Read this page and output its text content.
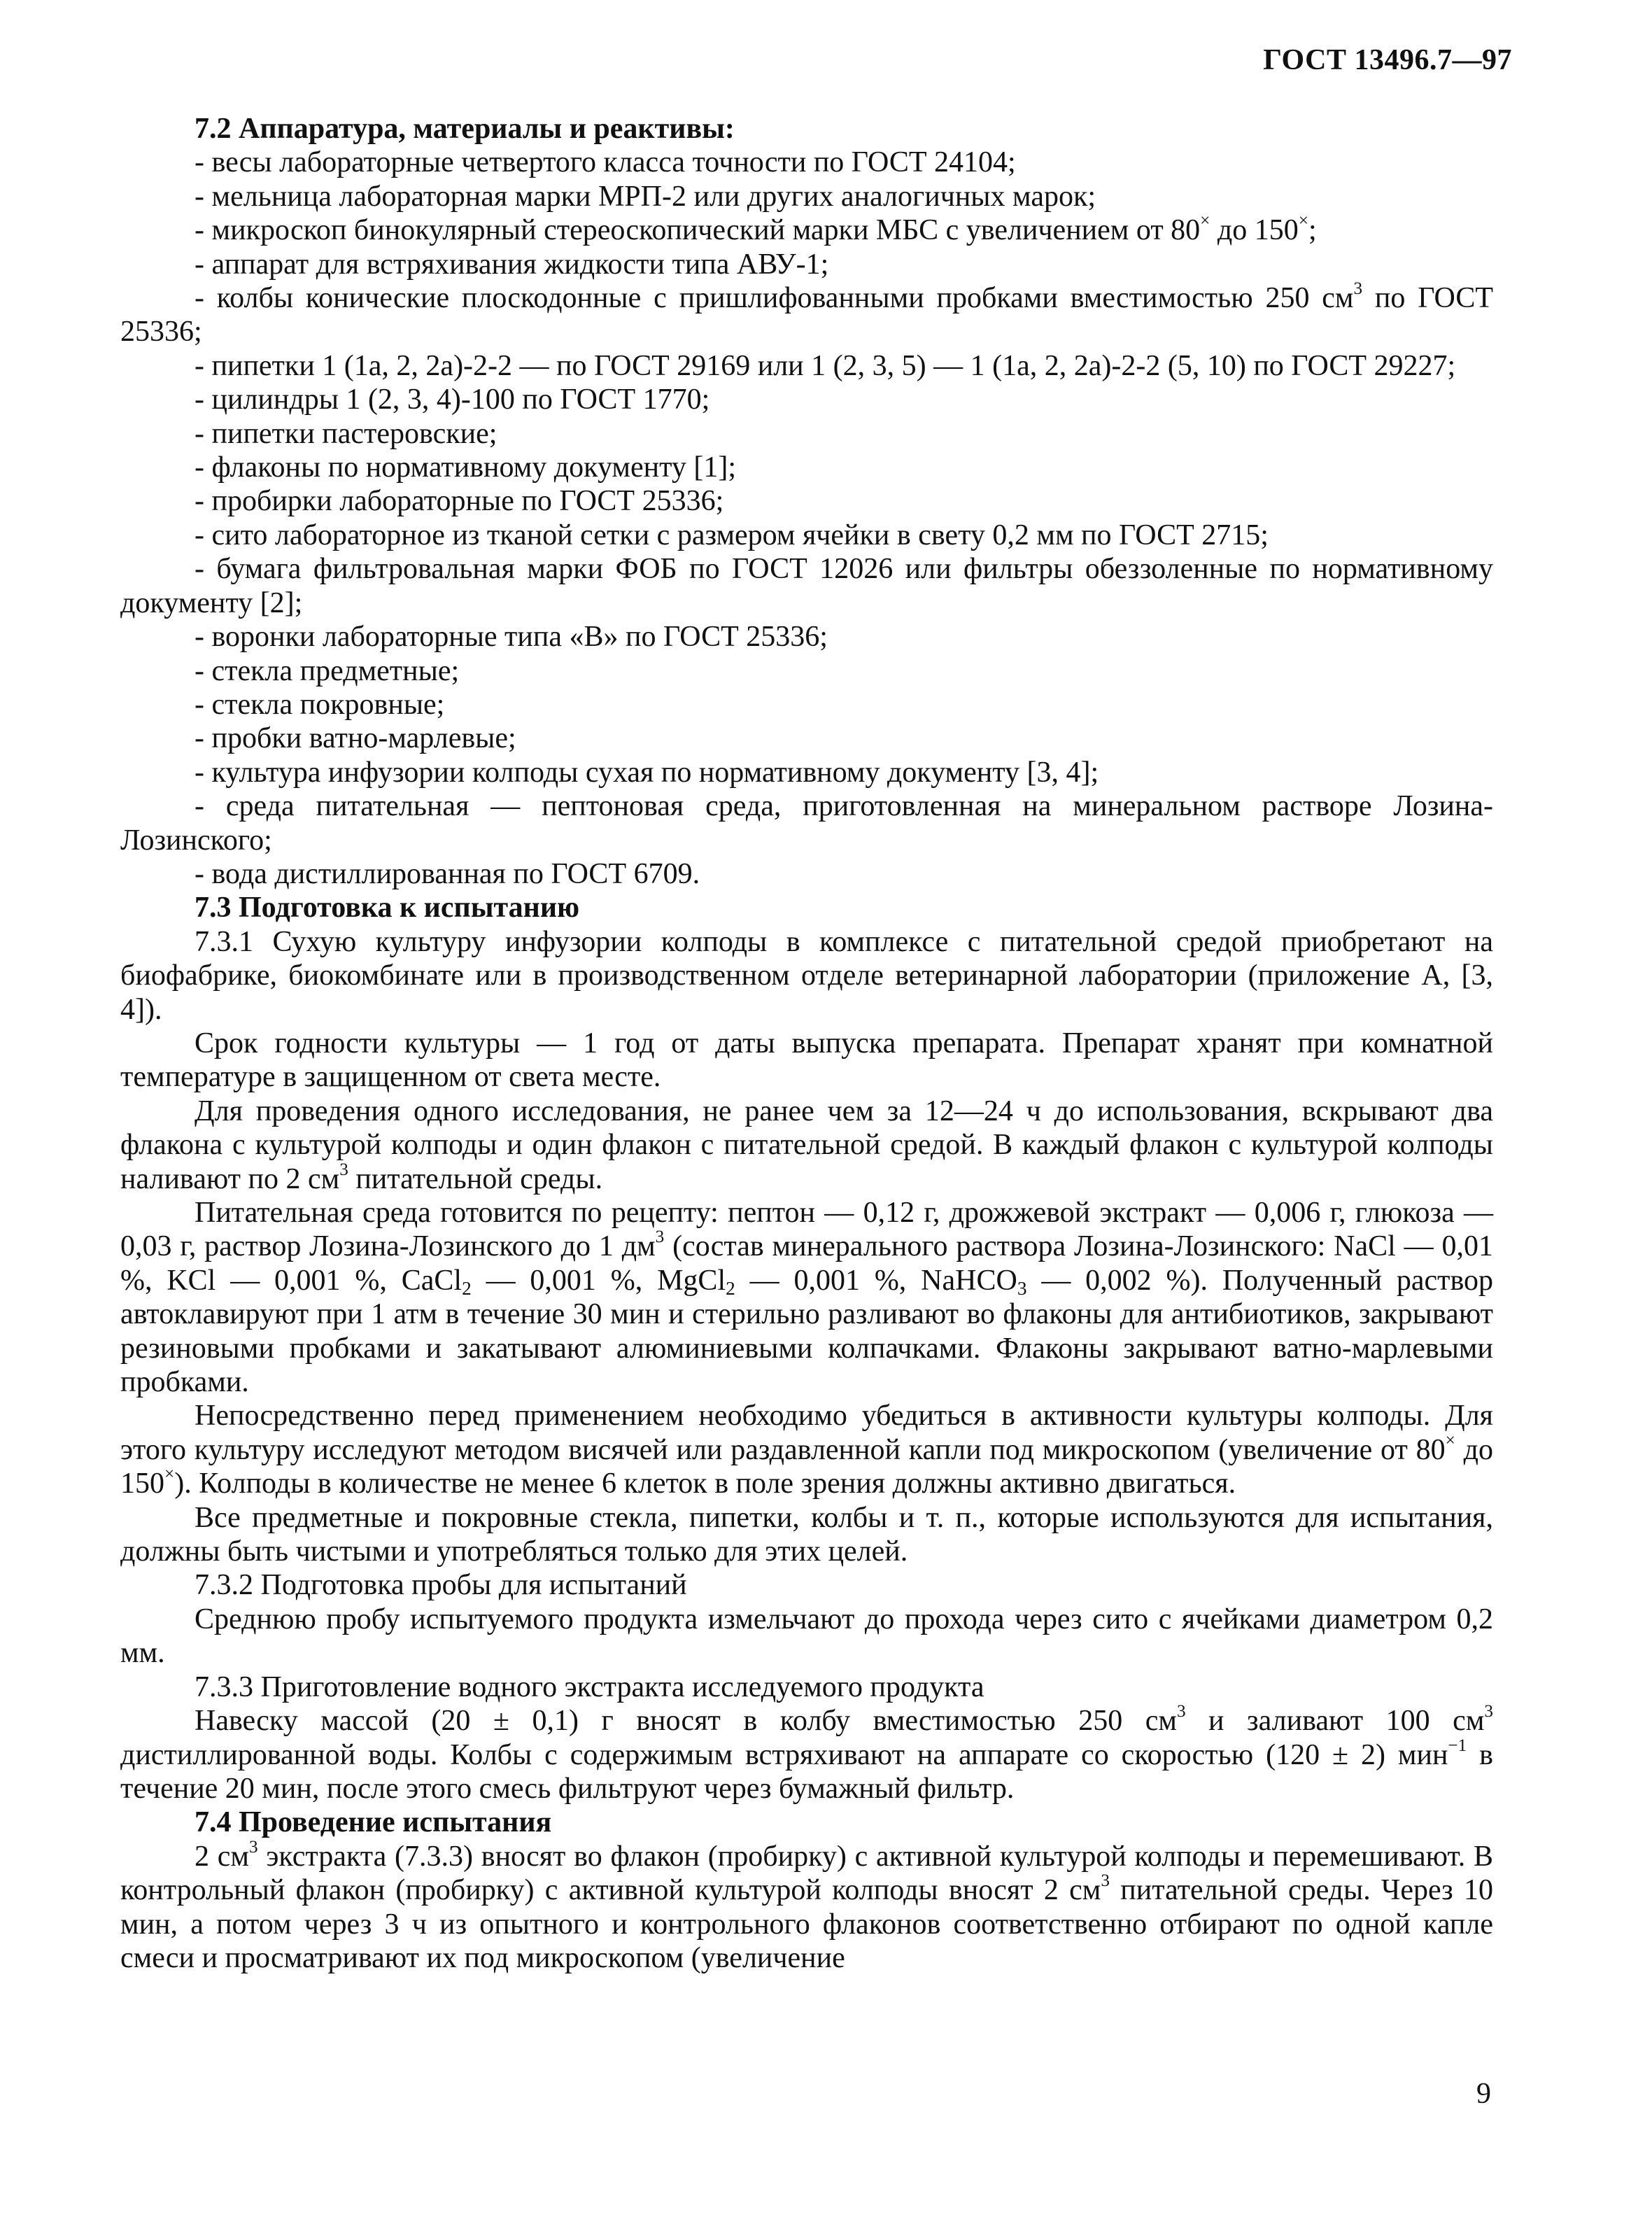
ГОСТ 13496.7—97

7.2 Аппаратура, материалы и реактивы:

- весы лабораторные четвертого класса точности по ГОСТ 24104;

- мельница лабораторная марки МРП-2 или других аналогичных марок;

- микроскоп бинокулярный стереоскопический марки МБС с увеличением от 80× до 150×;

- аппарат для встряхивания жидкости типа АВУ-1;

- колбы конические плоскодонные с пришлифованными пробками вместимостью 250 $см^3$ по ГОСТ 25336;

- пипетки 1 (1а, 2, 2а)-2-2 — по ГОСТ 29169 или 1 (2, 3, 5) — 1 (1а, 2, 2а)-2-2 (5, 10) по ГОСТ 29227;

- цилиндры 1 (2, 3, 4)-100 по ГОСТ 1770;

- пипетки пастеровские;

- флаконы по нормативному документу [1];

- пробирки лабораторные по ГОСТ 25336;

- сито лабораторное из тканой сетки с размером ячейки в свету 0,2 мм по ГОСТ 2715;

- бумага фильтровальная марки ФОБ по ГОСТ 12026 или фильтры обеззоленные по нормативному документу [2];

- воронки лабораторные типа «В» по ГОСТ 25336;

- стекла предметные;

- стекла покровные;

- пробки ватно-марлевые;

- культура инфузории колподы сухая по нормативному документу [3, 4];

- среда питательная — пептоновая среда, приготовленная на минеральном растворе Лозина-Лозинского;

- вода дистиллированная по ГОСТ 6709.

7.3 Подготовка к испытанию

7.3.1 Сухую культуру инфузории колподы в комплексе с питательной средой приобретают на биофабрике, биокомбинате или в производственном отделе ветеринарной лаборатории (приложение А, [3, 4]).

Срок годности культуры — 1 год от даты выпуска препарата. Препарат хранят при комнатной температуре в защищенном от света месте.

Для проведения одного исследования, не ранее чем за 12—24 ч до использования, вскрывают два флакона с культурой колподы и один флакон с питательной средой. В каждый флакон с культурой колподы наливают по 2 $см^3$ питательной среды.

Питательная среда готовится по рецепту: пептон — 0,12 г, дрожжевой экстракт — 0,006 г, глюкоза — 0,03 г, раствор Лозина-Лозинского до 1 $дм^3$ (состав минерального раствора Лозина-Лозинского: NaCl — 0,01 %, KCl — 0,001 %, CaCl$_2$ — 0,001 %, MgCl$_2$ — 0,001 %, NaHCO$_3$ — 0,002 %). Полученный раствор автоклавируют при 1 атм в течение 30 мин и стерильно разливают во флаконы для антибиотиков, закрывают резиновыми пробками и закатывают алюминиевыми колпачками. Флаконы закрывают ватно-марлевыми пробками.

Непосредственно перед применением необходимо убедиться в активности культуры колподы. Для этого культуру исследуют методом висячей или раздавленной капли под микроскопом (увеличение от 80× до 150×). Колподы в количестве не менее 6 клеток в поле зрения должны активно двигаться.

Все предметные и покровные стекла, пипетки, колбы и т. п., которые используются для испытания, должны быть чистыми и употребляться только для этих целей.

7.3.2 Подготовка пробы для испытаний

Среднюю пробу испытуемого продукта измельчают до прохода через сито с ячейками диаметром 0,2 мм.

7.3.3 Приготовление водного экстракта исследуемого продукта

Навеску массой (20 ± 0,1) г вносят в колбу вместимостью 250 $см^3$ и заливают 100 $см^3$ дистиллированной воды. Колбы с содержимым встряхивают на аппарате со скоростью (120 ± 2) мин$^{-1}$ в течение 20 мин, после этого смесь фильтруют через бумажный фильтр.

7.4 Проведение испытания

2 $см^3$ экстракта (7.3.3) вносят во флакон (пробирку) с активной культурой колподы и перемешивают. В контрольный флакон (пробирку) с активной культурой колподы вносят 2 $см^3$ питательной среды. Через 10 мин, а потом через 3 ч из опытного и контрольного флаконов соответственно отбирают по одной капле смеси и просматривают их под микроскопом (увеличение

9
